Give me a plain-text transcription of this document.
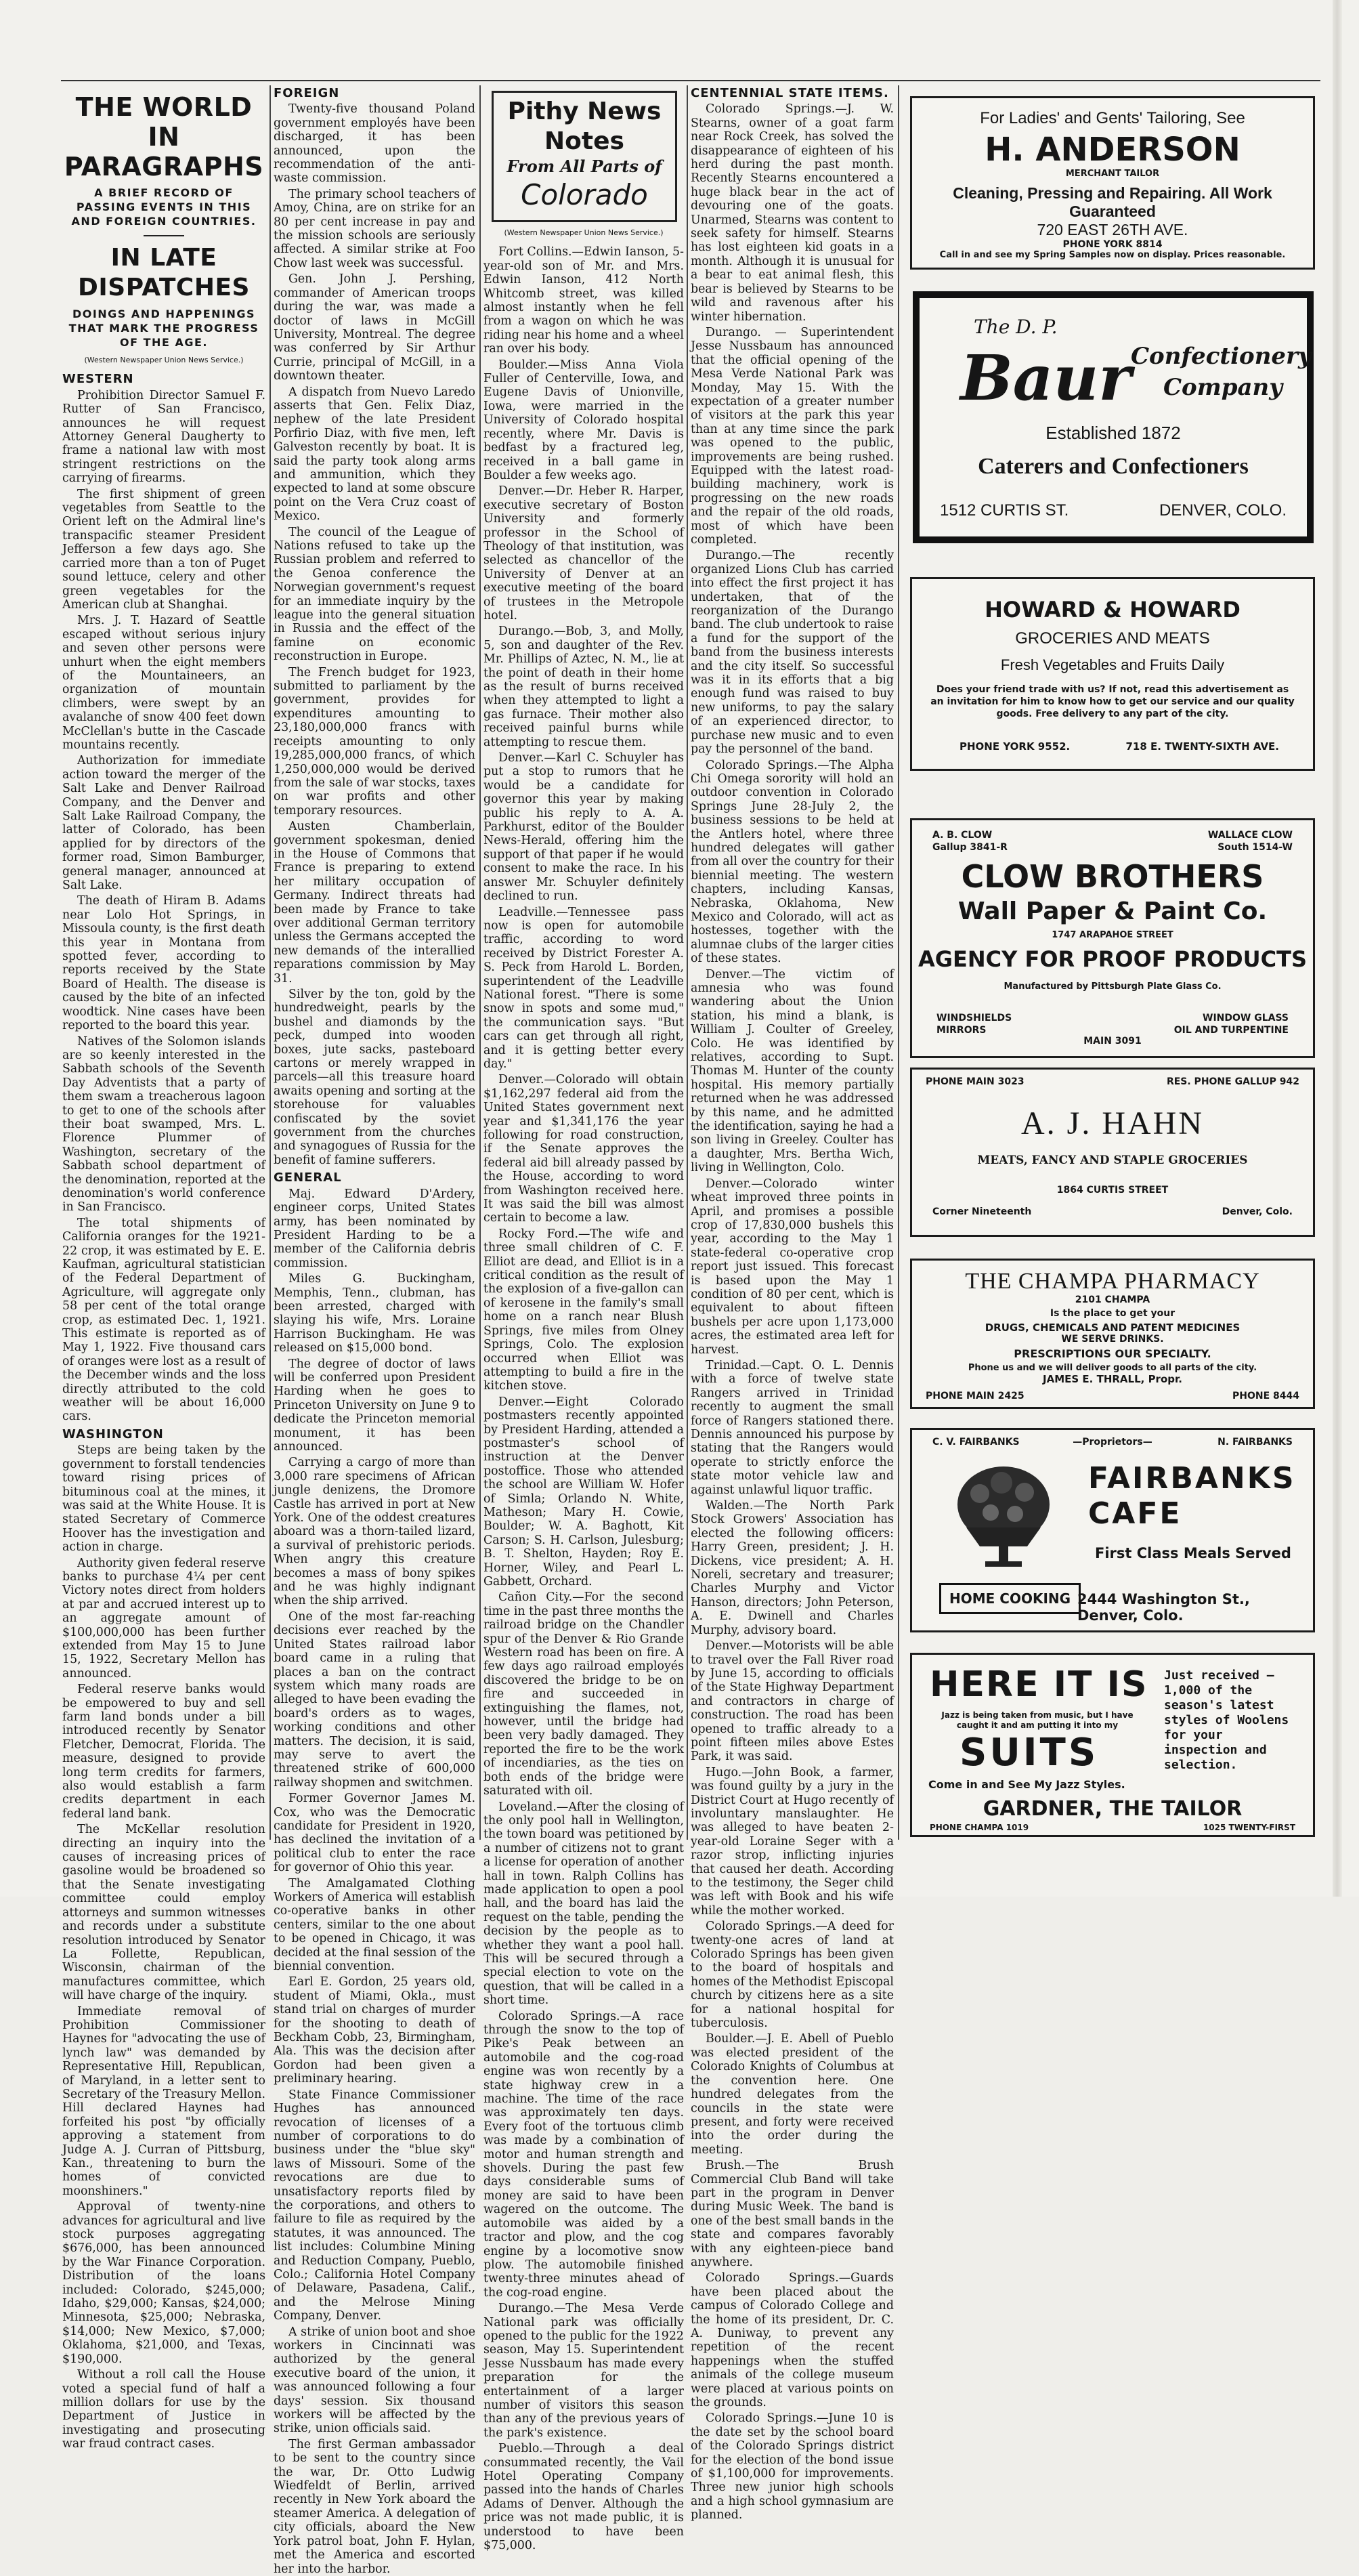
THE WORLD IN PARAGRAPHS
A BRIEF RECORD OF PASSING EVENTS IN THIS AND FOREIGN COUNTRIES.
IN LATE DISPATCHES
DOINGS AND HAPPENINGS THAT MARK THE PROGRESS OF THE AGE.
(Western Newspaper Union News Service.)
WESTERN

Prohibition Director Samuel F. Rutter of San Francisco, announces he will request Attorney General Daugherty to frame a national law with most stringent restrictions on the carrying of firearms.

The first shipment of green vegetables from Seattle to the Orient left on the Admiral line's transpacific steamer President Jefferson a few days ago. She carried more than a ton of Puget sound lettuce, celery and other green vegetables for the American club at Shanghai.

Mrs. J. T. Hazard of Seattle escaped without serious injury and seven other persons were unhurt when the eight members of the Mountaineers, an organization of mountain climbers, were swept by an avalanche of snow 400 feet down McClellan's butte in the Cascade mountains recently.

Authorization for immediate action toward the merger of the Salt Lake and Denver Railroad Company, and the Denver and Salt Lake Railroad Company, the latter of Colorado, has been applied for by directors of the former road, Simon Bamburger, general manager, announced at Salt Lake.

The death of Hiram B. Adams near Lolo Hot Springs, in Missoula county, is the first death this year in Montana from spotted fever, according to reports received by the State Board of Health. The disease is caused by the bite of an infected woodtick. Nine cases have been reported to the board this year.

Natives of the Solomon islands are so keenly interested in the Sabbath schools of the Seventh Day Adventists that a party of them swam a treacherous lagoon to get to one of the schools after their boat swamped, Mrs. L. Florence Plummer of Washington, secretary of the Sabbath school department of the denomination, reported at the denomination's world conference in San Francisco.

The total shipments of California oranges for the 1921-22 crop, it was estimated by E. E. Kaufman, agricultural statistician of the Federal Department of Agriculture, will aggregate only 58 per cent of the total orange crop, as estimated Dec. 1, 1921. This estimate is reported as of May 1, 1922. Five thousand cars of oranges were lost as a result of the December winds and the loss directly attributed to the cold weather will be about 16,000 cars.

WASHINGTON

Steps are being taken by the government to forstall tendencies toward rising prices of bituminous coal at the mines, it was said at the White House. It is stated Secretary of Commerce Hoover has the investigation and action in charge.

Authority given federal reserve banks to purchase 4¼ per cent Victory notes direct from holders at par and accrued interest up to an aggregate amount of $100,000,000 has been further extended from May 15 to June 15, 1922, Secretary Mellon has announced.

Federal reserve banks would be empowered to buy and sell farm land bonds under a bill introduced recently by Senator Fletcher, Democrat, Florida. The measure, designed to provide long term credits for farmers, also would establish a farm credits department in each federal land bank.

The McKellar resolution directing an inquiry into the causes of increasing prices of gasoline would be broadened so that the Senate investigating committee could employ attorneys and summon witnesses and records under a substitute resolution introduced by Senator La Follette, Republican, Wisconsin, chairman of the manufactures committee, which will have charge of the inquiry.

Immediate removal of Prohibition Commissioner Haynes for "advocating the use of lynch law" was demanded by Representative Hill, Republican, of Maryland, in a letter sent to Secretary of the Treasury Mellon. Hill declared Haynes had forfeited his post "by officially approving a statement from Judge A. J. Curran of Pittsburg, Kan., threatening to burn the homes of convicted moonshiners."

Approval of twenty-nine advances for agricultural and live stock purposes aggregating $676,000, has been announced by the War Finance Corporation. Distribution of the loans included: Colorado, $245,000; Idaho, $29,000; Kansas, $24,000; Minnesota, $25,000; Nebraska, $14,000; New Mexico, $7,000; Oklahoma, $21,000, and Texas, $190,000.

Without a roll call the House voted a special fund of half a million dollars for use by the Department of Justice in investigating and prosecuting war fraud contract cases.

FOREIGN

Twenty-five thousand Poland government employés have been discharged, it has been announced, upon the recommendation of the anti-waste commission.

The primary school teachers of Amoy, China, are on strike for an 80 per cent increase in pay and the mission schools are seriously affected. A similar strike at Foo Chow last week was successful.

Gen. John J. Pershing, commander of American troops during the war, was made a doctor of laws in McGill University, Montreal. The degree was conferred by Sir Arthur Currie, principal of McGill, in a downtown theater.

A dispatch from Nuevo Laredo asserts that Gen. Felix Diaz, nephew of the late President Porfirio Diaz, with five men, left Galveston recently by boat. It is said the party took along arms and ammunition, which they expected to land at some obscure point on the Vera Cruz coast of Mexico.

The council of the League of Nations refused to take up the Russian problem and referred to the Genoa conference the Norwegian government's request for an immediate inquiry by the league into the general situation in Russia and the effect of the famine on economic reconstruction in Europe.

The French budget for 1923, submitted to parliament by the government, provides for expenditures amounting to 23,180,000,000 francs with receipts amounting to only 19,285,000,000 francs, of which 1,250,000,000 would be derived from the sale of war stocks, taxes on war profits and other temporary resources.

Austen Chamberlain, government spokesman, denied in the House of Commons that France is preparing to extend her military occupation of Germany. Indirect threats had been made by France to take over additional German territory unless the Germans accepted the new demands of the interallied reparations commission by May 31.

Silver by the ton, gold by the hundredweight, pearls by the bushel and diamonds by the peck, dumped into wooden boxes, jute sacks, pasteboard cartons or merely wrapped in parcels—all this treasure hoard awaits opening and sorting at the storehouse for valuables confiscated by the soviet government from the churches and synagogues of Russia for the benefit of famine sufferers.

GENERAL

Maj. Edward D'Ardery, engineer corps, United States army, has been nominated by President Harding to be a member of the California debris commission.

Miles G. Buckingham, Memphis, Tenn., clubman, has been arrested, charged with slaying his wife, Mrs. Loraine Harrison Buckingham. He was released on $15,000 bond.

The degree of doctor of laws will be conferred upon President Harding when he goes to Princeton University on June 9 to dedicate the Princeton memorial monument, it has been announced.

Carrying a cargo of more than 3,000 rare specimens of African jungle denizens, the Dromore Castle has arrived in port at New York. One of the oddest creatures aboard was a thorn-tailed lizard, a survival of prehistoric periods. When angry this creature becomes a mass of bony spikes and he was highly indignant when the ship arrived.

One of the most far-reaching decisions ever reached by the United States railroad labor board came in a ruling that places a ban on the contract system which many roads are alleged to have been evading the board's orders as to wages, working conditions and other matters. The decision, it is said, may serve to avert the threatened strike of 600,000 railway shopmen and switchmen.

Former Governor James M. Cox, who was the Democratic candidate for President in 1920, has declined the invitation of a political club to enter the race for governor of Ohio this year.

The Amalgamated Clothing Workers of America will establish co-operative banks in other centers, similar to the one about to be opened in Chicago, it was decided at the final session of the biennial convention.

Earl E. Gordon, 25 years old, student of Miami, Okla., must stand trial on charges of murder for the shooting to death of Beckham Cobb, 23, Birmingham, Ala. This was the decision after Gordon had been given a preliminary hearing.

State Finance Commissioner Hughes has announced revocation of licenses of a number of corporations to do business under the "blue sky" laws of Missouri. Some of the revocations are due to unsatisfactory reports filed by the corporations, and others to failure to file as required by the statutes, it was announced. The list includes: Columbine Mining and Reduction Company, Pueblo, Colo.; California Hotel Company of Delaware, Pasadena, Calif., and the Melrose Mining Company, Denver.

A strike of union boot and shoe workers in Cincinnati was authorized by the general executive board of the union, it was announced following a four days' session. Six thousand workers will be affected by the strike, union officials said.

The first German ambassador to be sent to the country since the war, Dr. Otto Ludwig Wiedfeldt of Berlin, arrived recently in New York aboard the steamer America. A delegation of city officials, aboard the New York patrol boat, John F. Hylan, met the America and escorted her into the harbor.

Pithy News Notes
From All Parts of
Colorado
(Western Newspaper Union News Service.)

Fort Collins.—Edwin Ianson, 5-year-old son of Mr. and Mrs. Edwin Ianson, 412 North Whitcomb street, was killed almost instantly when he fell from a wagon on which he was riding near his home and a wheel ran over his body.

Boulder.—Miss Anna Viola Fuller of Centerville, Iowa, and Eugene Davis of Unionville, Iowa, were married in the University of Colorado hospital recently, where Mr. Davis is bedfast by a fractured leg, received in a ball game in Boulder a few weeks ago.

Denver.—Dr. Heber R. Harper, executive secretary of Boston University and formerly professor in the School of Theology of that institution, was selected as chancellor of the University of Denver at an executive meeting of the board of trustees in the Metropole hotel.

Durango.—Bob, 3, and Molly, 5, son and daughter of the Rev. Mr. Phillips of Aztec, N. M., lie at the point of death in their home as the result of burns received when they attempted to light a gas furnace. Their mother also received painful burns while attempting to rescue them.

Denver.—Karl C. Schuyler has put a stop to rumors that he would be a candidate for governor this year by making public his reply to A. A. Parkhurst, editor of the Boulder News-Herald, offering him the support of that paper if he would consent to make the race. In his answer Mr. Schuyler definitely declined to run.

Leadville.—Tennessee pass now is open for automobile traffic, according to word received by District Forester A. S. Peck from Harold L. Borden, superintendent of the Leadville National forest. "There is some snow in spots and some mud," the communication says. "But cars can get through all right, and it is getting better every day."

Denver.—Colorado will obtain $1,162,297 federal aid from the United States government next year and $1,341,176 the year following for road construction, if the Senate approves the federal aid bill already passed by the House, according to word from Washington received here. It was said the bill was almost certain to become a law.

Rocky Ford.—The wife and three small children of C. F. Elliot are dead, and Elliot is in a critical condition as the result of the explosion of a five-gallon can of kerosene in the family's small home on a ranch near Blush Springs, five miles from Olney Springs, Colo. The explosion occurred when Elliot was attempting to build a fire in the kitchen stove.

Denver.—Eight Colorado postmasters recently appointed by President Harding, attended a postmaster's school of instruction at the Denver postoffice. Those who attended the school are William W. Hofer of Simla; Orlando N. White, Matheson; Mary H. Cowie, Boulder; W. A. Baghott, Kit Carson; S. H. Carlson, Julesburg; B. T. Shelton, Hayden; Roy E. Horner, Wiley, and Pearl L. Gabbett, Orchard.

Cañon City.—For the second time in the past three months the railroad bridge on the Chandler spur of the Denver & Rio Grande Western road has been on fire. A few days ago railroad employés discovered the bridge to be on fire and succeeded in extinguishing the flames, not, however, until the bridge had been very badly damaged. They reported the fire to be the work of incendiaries, as the ties on both ends of the bridge were saturated with oil.

Loveland.—After the closing of the only pool hall in Wellington, the town board was petitioned by a number of citizens not to grant a license for operation of another hall in town. Ralph Collins has made application to open a pool hall, and the board has laid the request on the table, pending the decision by the people as to whether they want a pool hall. This will be secured through a special election to vote on the question, that will be called in a short time.

Colorado Springs.—A race through the snow to the top of Pike's Peak between an automobile and the cog-road engine was won recently by a state highway crew in a machine. The time of the race was approximately ten days. Every foot of the tortuous climb was made by a combination of motor and human strength and shovels. During the past few days considerable sums of money are said to have been wagered on the outcome. The automobile was aided by a tractor and plow, and the cog engine by a locomotive snow plow. The automobile finished twenty-three minutes ahead of the cog-road engine.

Durango.—The Mesa Verde National park was officially opened to the public for the 1922 season, May 15. Superintendent Jesse Nussbaum has made every preparation for the entertainment of a larger number of visitors this season than any of the previous years of the park's existence.

Pueblo.—Through a deal consummated recently, the Vail Hotel Operating Company passed into the hands of Charles Adams of Denver. Although the price was not made public, it is understood to have been $75,000.

CENTENNIAL STATE ITEMS.

Colorado Springs.—J. W. Stearns, owner of a goat farm near Rock Creek, has solved the disappearance of eighteen of his herd during the past month. Recently Stearns encountered a huge black bear in the act of devouring one of the goats. Unarmed, Stearns was content to seek safety for himself. Stearns has lost eighteen kid goats in a month. Although it is unusual for a bear to eat animal flesh, this bear is believed by Stearns to be wild and ravenous after his winter hibernation.

Durango. — Superintendent Jesse Nussbaum has announced that the official opening of the Mesa Verde National Park was Monday, May 15. With the expectation of a greater number of visitors at the park this year than at any time since the park was opened to the public, improvements are being rushed. Equipped with the latest road-building machinery, work is progressing on the new roads and the repair of the old roads, most of which have been completed.

Durango.—The recently organized Lions Club has carried into effect the first project it has undertaken, that of the reorganization of the Durango band. The club undertook to raise a fund for the support of the band from the business interests and the city itself. So successful was it in its efforts that a big enough fund was raised to buy new uniforms, to pay the salary of an experienced director, to purchase new music and to even pay the personnel of the band.

Colorado Springs.—The Alpha Chi Omega sorority will hold an outdoor convention in Colorado Springs June 28-July 2, the business sessions to be held at the Antlers hotel, where three hundred delegates will gather from all over the country for their biennial meeting. The western chapters, including Kansas, Nebraska, Oklahoma, New Mexico and Colorado, will act as hostesses, together with the alumnae clubs of the larger cities of these states.

Denver.—The victim of amnesia who was found wandering about the Union station, his mind a blank, is William J. Coulter of Greeley, Colo. He was identified by relatives, according to Supt. Thomas M. Hunter of the county hospital. His memory partially returned when he was addressed by this name, and he admitted the identification, saying he had a son living in Greeley. Coulter has a daughter, Mrs. Bertha Wich, living in Wellington, Colo.

Denver.—Colorado winter wheat improved three points in April, and promises a possible crop of 17,830,000 bushels this year, according to the May 1 state-federal co-operative crop report just issued. This forecast is based upon the May 1 condition of 80 per cent, which is equivalent to about fifteen bushels per acre upon 1,173,000 acres, the estimated area left for harvest.

Trinidad.—Capt. O. L. Dennis with a force of twelve state Rangers arrived in Trinidad recently to augment the small force of Rangers stationed there. Dennis announced his purpose by stating that the Rangers would operate to strictly enforce the state motor vehicle law and against unlawful liquor traffic.

Walden.—The North Park Stock Growers' Association has elected the following officers: Harry Green, president; J. H. Dickens, vice president; A. H. Noreli, secretary and treasurer; Charles Murphy and Victor Hanson, directors; John Peterson, A. E. Dwinell and Charles Murphy, advisory board.

Denver.—Motorists will be able to travel over the Fall River road by June 15, according to officials of the State Highway Department and contractors in charge of construction. The road has been opened to traffic already to a point fifteen miles above Estes Park, it was said.

Hugo.—John Book, a farmer, was found guilty by a jury in the District Court at Hugo recently of involuntary manslaughter. He was alleged to have beaten 2-year-old Loraine Seger with a razor strop, inflicting injuries that caused her death. According to the testimony, the Seger child was left with Book and his wife while the mother worked.

Colorado Springs.—A deed for twenty-one acres of land at Colorado Springs has been given to the board of hospitals and homes of the Methodist Episcopal church by citizens here as a site for a national hospital for tuberculosis.

Boulder.—J. E. Abell of Pueblo was elected president of the Colorado Knights of Columbus at the convention here. One hundred delegates from the councils in the state were present, and forty were received into the order during the meeting.

Brush.—The Brush Commercial Club Band will take part in the program in Denver during Music Week. The band is one of the best small bands in the state and compares favorably with any eighteen-piece band anywhere.

Colorado Springs.—Guards have been placed about the campus of Colorado College and the home of its president, Dr. C. A. Duniway, to prevent any repetition of the recent happenings when the stuffed animals of the college museum were placed at various points on the grounds.

Colorado Springs.—June 10 is the date set by the school board of the Colorado Springs district for the election of the bond issue of $1,100,000 for improvements. Three new junior high schools and a high school gymnasium are planned.

For Ladies' and Gents' Tailoring, See
H. ANDERSON
MERCHANT TAILOR
Cleaning, Pressing and Repairing. All Work
Guaranteed
720 EAST 26TH AVE.
PHONE YORK 8814
Call in and see my Spring Samples now on display. Prices reasonable.
The D. P.
Baur Confectionery
Company
Established 1872
Caterers and Confectioners
1512 CURTIS ST.	DENVER, COLO.
HOWARD & HOWARD
GROCERIES AND MEATS
Fresh Vegetables and Fruits Daily
Does your friend trade with us? If not, read this advertisement as an invitation for him to know how to get our service and our quality goods. Free delivery to any part of the city.
PHONE YORK 9552.	718 E. TWENTY-SIXTH AVE.
A. B. CLOW
Gallup 3841-R
WALLACE CLOW
South 1514-W
CLOW BROTHERS
Wall Paper & Paint Co.
1747 ARAPAHOE STREET
AGENCY FOR PROOF PRODUCTS
Manufactured by Pittsburgh Plate Glass Co.
WINDSHIELDS
MIRRORS
WINDOW GLASS
OIL AND TURPENTINE
MAIN 3091
PHONE MAIN 3023	RES. PHONE GALLUP 942
A. J. HAHN
MEATS, FANCY AND STAPLE GROCERIES
1864 CURTIS STREET
Corner Nineteenth	Denver, Colo.
THE CHAMPA PHARMACY
2101 CHAMPA
Is the place to get your
DRUGS, CHEMICALS AND PATENT MEDICINES
WE SERVE DRINKS.
PRESCRIPTIONS OUR SPECIALTY.
Phone us and we will deliver goods to all parts of the city.
JAMES E. THRALL, Propr.
PHONE MAIN 2425	PHONE 8444
C. V. FAIRBANKS	—Proprietors—	N. FAIRBANKS
FAIRBANKS
CAFE
First Class Meals Served
HOME COOKING 2444 Washington St., Denver, Colo.
HERE IT IS
Jazz is being taken from music, but I have caught it and am putting it into my
SUITS
Come in and See My Jazz Styles.
Just received —1,000 of the season's latest styles of Woolens for your inspection and selection.
GARDNER, THE TAILOR
PHONE CHAMPA 1019	1025 TWENTY-FIRST
